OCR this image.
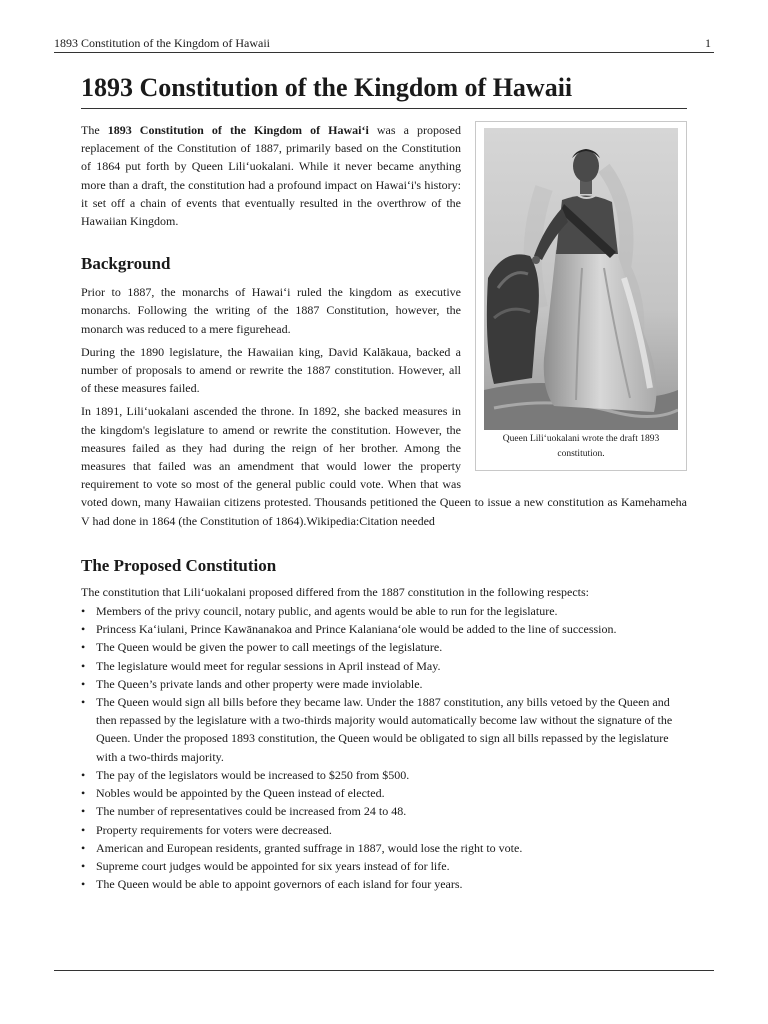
1893 Constitution of the Kingdom of Hawaii	1
1893 Constitution of the Kingdom of Hawaii
Queen Liliʻuokalani wrote the draft 1893 constitution.

The 1893 Constitution of the Kingdom of Hawaiʻi was a proposed replacement of the Constitution of 1887, primarily based on the Constitution of 1864 put forth by Queen Liliʻuokalani. While it never became anything more than a draft, the constitution had a profound impact on Hawaiʻi's history: it set off a chain of events that eventually resulted in the overthrow of the Hawaiian Kingdom.

Background

Prior to 1887, the monarchs of Hawaiʻi ruled the kingdom as executive monarchs. Following the writing of the 1887 Constitution, however, the monarch was reduced to a mere figurehead.

During the 1890 legislature, the Hawaiian king, David Kalākaua, backed a number of proposals to amend or rewrite the 1887 constitution. However, all of these measures failed.

In 1891, Liliʻuokalani ascended the throne. In 1892, she backed measures in the kingdom's legislature to amend or rewrite the constitution. However, the measures failed as they had during the reign of her brother. Among the measures that failed was an amendment that would lower the property requirement to vote so most of the general public could vote. When that was voted down, many Hawaiian citizens protested. Thousands petitioned the Queen to issue a new constitution as Kamehameha V had done in 1864 (the Constitution of 1864).Wikipedia:Citation needed

The Proposed Constitution

The constitution that Liliʻuokalani proposed differed from the 1887 constitution in the following respects:

• Members of the privy council, notary public, and agents would be able to run for the legislature.
• Princess Kaʻiulani, Prince Kawānanakoa and Prince Kalanianaʻole would be added to the line of succession.
• The Queen would be given the power to call meetings of the legislature.
• The legislature would meet for regular sessions in April instead of May.
• The Queen’s private lands and other property were made inviolable.
• The Queen would sign all bills before they became law. Under the 1887 constitution, any bills vetoed by the Queen and then repassed by the legislature with a two-thirds majority would automatically become law without the signature of the Queen. Under the proposed 1893 constitution, the Queen would be obligated to sign all bills repassed by the legislature with a two-thirds majority.
• The pay of the legislators would be increased to $250 from $500.
• Nobles would be appointed by the Queen instead of elected.
• The number of representatives could be increased from 24 to 48.
• Property requirements for voters were decreased.
• American and European residents, granted suffrage in 1887, would lose the right to vote.
• Supreme court judges would be appointed for six years instead of for life.
• The Queen would be able to appoint governors of each island for four years.
